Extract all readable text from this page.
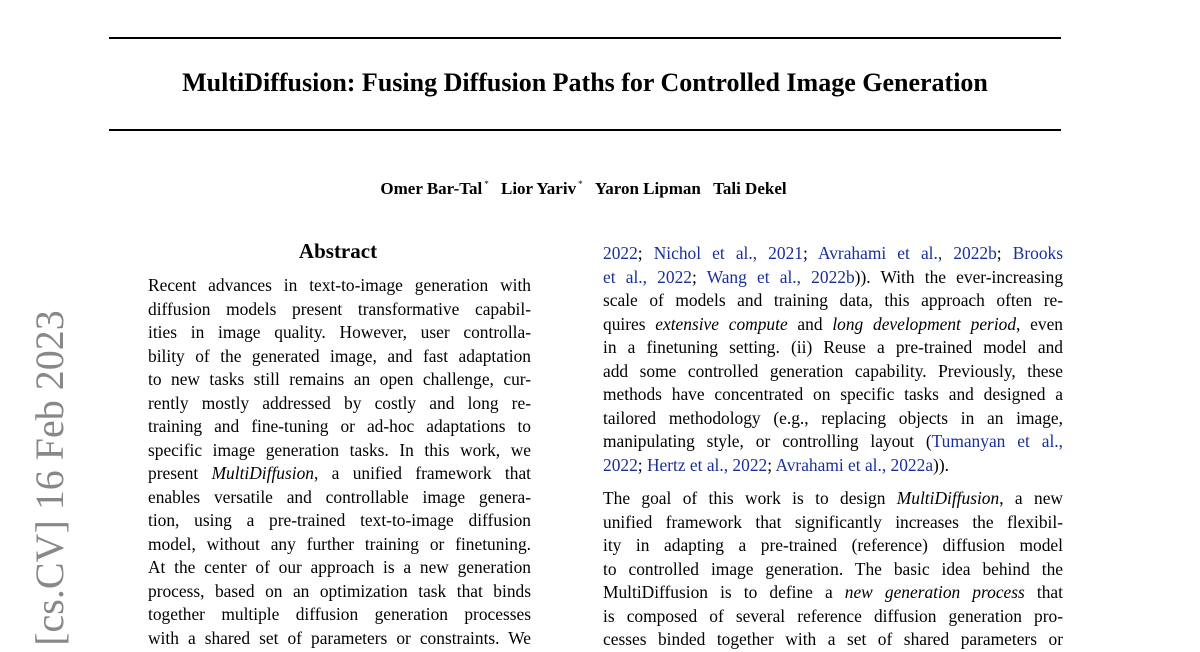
MultiDiffusion: Fusing Diffusion Paths for Controlled Image Generation
Omer Bar-Tal * Lior Yariv * Yaron Lipman Tali Dekel
[cs.CV] 16 Feb 2023
Abstract
Recent advances in text-to-image generation with
diffusion models present transformative capabil-
ities in image quality. However, user controlla-
bility of the generated image, and fast adaptation
to new tasks still remains an open challenge, cur-
rently mostly addressed by costly and long re-
training and fine-tuning or ad-hoc adaptations to
specific image generation tasks. In this work, we
present MultiDiffusion, a unified framework that
enables versatile and controllable image genera-
tion, using a pre-trained text-to-image diffusion
model, without any further training or finetuning.
At the center of our approach is a new generation
process, based on an optimization task that binds
together multiple diffusion generation processes
with a shared set of parameters or constraints. We
2022; Nichol et al., 2021; Avrahami et al., 2022b; Brooks
et al., 2022; Wang et al., 2022b)). With the ever-increasing
scale of models and training data, this approach often re-
quires extensive compute and long development period, even
in a finetuning setting. (ii) Reuse a pre-trained model and
add some controlled generation capability. Previously, these
methods have concentrated on specific tasks and designed a
tailored methodology (e.g., replacing objects in an image,
manipulating style, or controlling layout (Tumanyan et al.,
2022; Hertz et al., 2022; Avrahami et al., 2022a)).
The goal of this work is to design MultiDiffusion, a new
unified framework that significantly increases the flexibil-
ity in adapting a pre-trained (reference) diffusion model
to controlled image generation. The basic idea behind the
MultiDiffusion is to define a new generation process that
is composed of several reference diffusion generation pro-
cesses binded together with a set of shared parameters or
